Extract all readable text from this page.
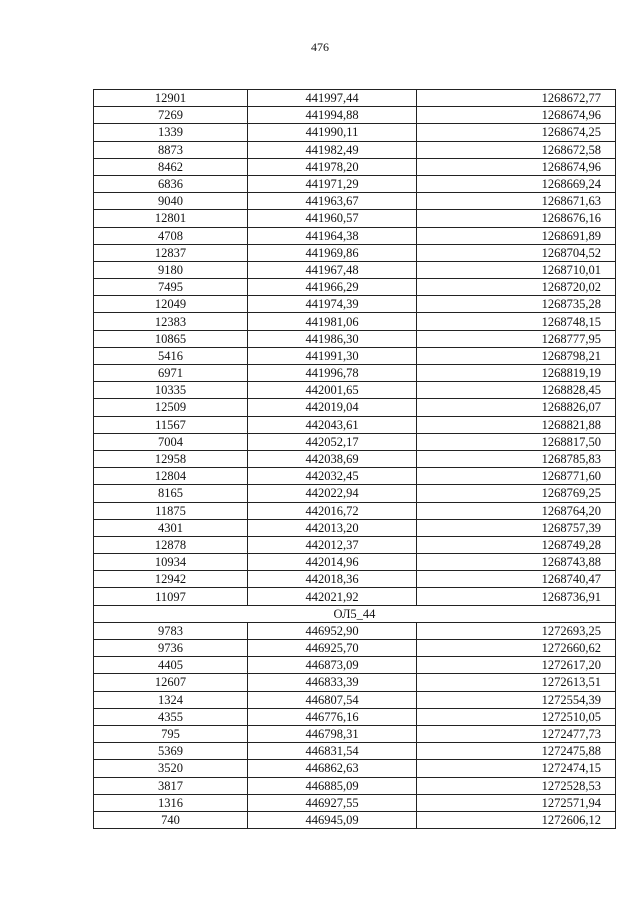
476
12901	441997,44	1268672,77
7269	441994,88	1268674,96
1339	441990,11	1268674,25
8873	441982,49	1268672,58
8462	441978,20	1268674,96
6836	441971,29	1268669,24
9040	441963,67	1268671,63
12801	441960,57	1268676,16
4708	441964,38	1268691,89
12837	441969,86	1268704,52
9180	441967,48	1268710,01
7495	441966,29	1268720,02
12049	441974,39	1268735,28
12383	441981,06	1268748,15
10865	441986,30	1268777,95
5416	441991,30	1268798,21
6971	441996,78	1268819,19
10335	442001,65	1268828,45
12509	442019,04	1268826,07
11567	442043,61	1268821,88
7004	442052,17	1268817,50
12958	442038,69	1268785,83
12804	442032,45	1268771,60
8165	442022,94	1268769,25
11875	442016,72	1268764,20
4301	442013,20	1268757,39
12878	442012,37	1268749,28
10934	442014,96	1268743,88
12942	442018,36	1268740,47
11097	442021,92	1268736,91
ОЛ5_44		
9783	446952,90	1272693,25
9736	446925,70	1272660,62
4405	446873,09	1272617,20
12607	446833,39	1272613,51
1324	446807,54	1272554,39
4355	446776,16	1272510,05
795	446798,31	1272477,73
5369	446831,54	1272475,88
3520	446862,63	1272474,15
3817	446885,09	1272528,53
1316	446927,55	1272571,94
740	446945,09	1272606,12
